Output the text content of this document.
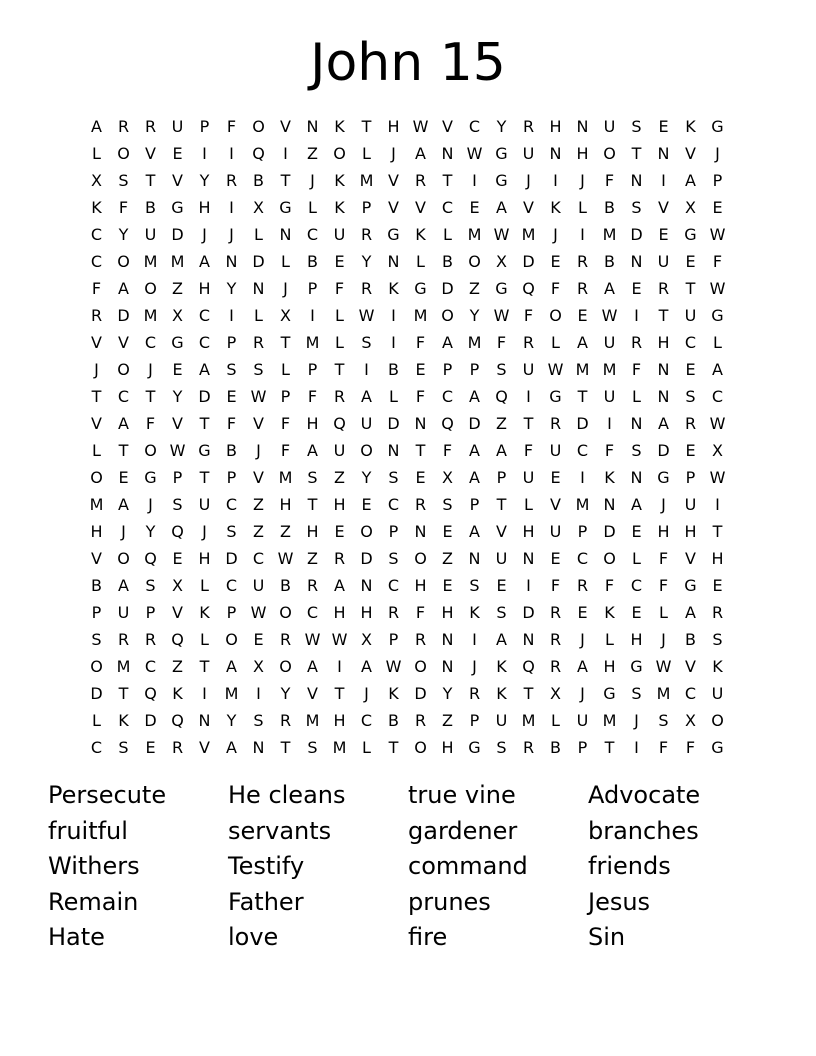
John 15
A R R U	P	F	O V N K	T	H W V C	Y	R H N U	S	E	K G
L	O V	E	I	I	Q	I	Z O	L	J	A N W G U N H O T	N V	J
X	S	T	V	Y	R B	T	J	K M V R	T	I	G	J	I	J	F	N	I	A	P
K	F	B G H	I	X G	L	K	P	V	V C	E	A	V	K	L	B	S	V	X	E
C	Y	U D	J	J	L	N C U R G K	L M W M	J	I	M D E G W
C O M M A N D	L	B	E	Y	N	L	B O X D E	R B N U	E	F
F	A O Z H	Y	N	J	P	F	R	K G D Z G Q	F	R A	E	R	T W
R D M X C	I	L	X	I	L W	I	M O Y W F	O E W	I	T	U G
V	V C G C	P	R	T M L	S	I	F	A M F	R	L	A U R H C	L
J	O	J	E	A	S	S	L	P	T	I	B	E	P	P	S	U W M M F	N E	A
T	C	T	Y D E W P	F	R A	L	F	C A Q	I	G T	U	L	N S	C
V	A	F	V	T	F	V	F	H Q U D N Q D Z	T	R D	I	N A R W
L	T O W G B	J	F	A U O N	T	F	A	A	F	U C	F	S D E	X
O E G P	T	P	V M S	Z	Y	S	E	X	A	P	U	E	I	K N G P W
M A	J	S	U C Z H	T	H E	C R	S	P	T	L	V M N A	J	U	I
H	J	Y Q	J	S	Z	Z H E O P	N E	A	V H U	P	D E H H	T
V O Q E H D C W Z R D S O Z N U N E	C O	L	F	V H
B	A	S	X	L	C U B R A N C H E	S	E	I	F	R	F	C	F	G E
P	U	P	V	K	P W O C H H R	F	H K	S D R	E	K	E	L	A R
S	R R Q	L	O E	R W W X	P	R N	I	A N R	J	L	H	J	B	S
O M C Z	T	A	X O A	I	A W O N	J	K Q R A H G W V	K
D T Q K	I	M	I	Y	V	T	J	K D Y	R	K	T	X	J	G S M C U
L	K D Q N	Y	S	R M H C B R Z	P	U M L	U M	J	S	X O
C	S	E	R V	A N	T	S M L	T O H G S	R B	P	T	I	F	F	G
Persecute	He cleans	true vine	Advocate
fruitful	servants	gardener	branches
Withers	Testify	command	friends
Remain	Father	prunes	Jesus
Hate	love	fire	Sin
